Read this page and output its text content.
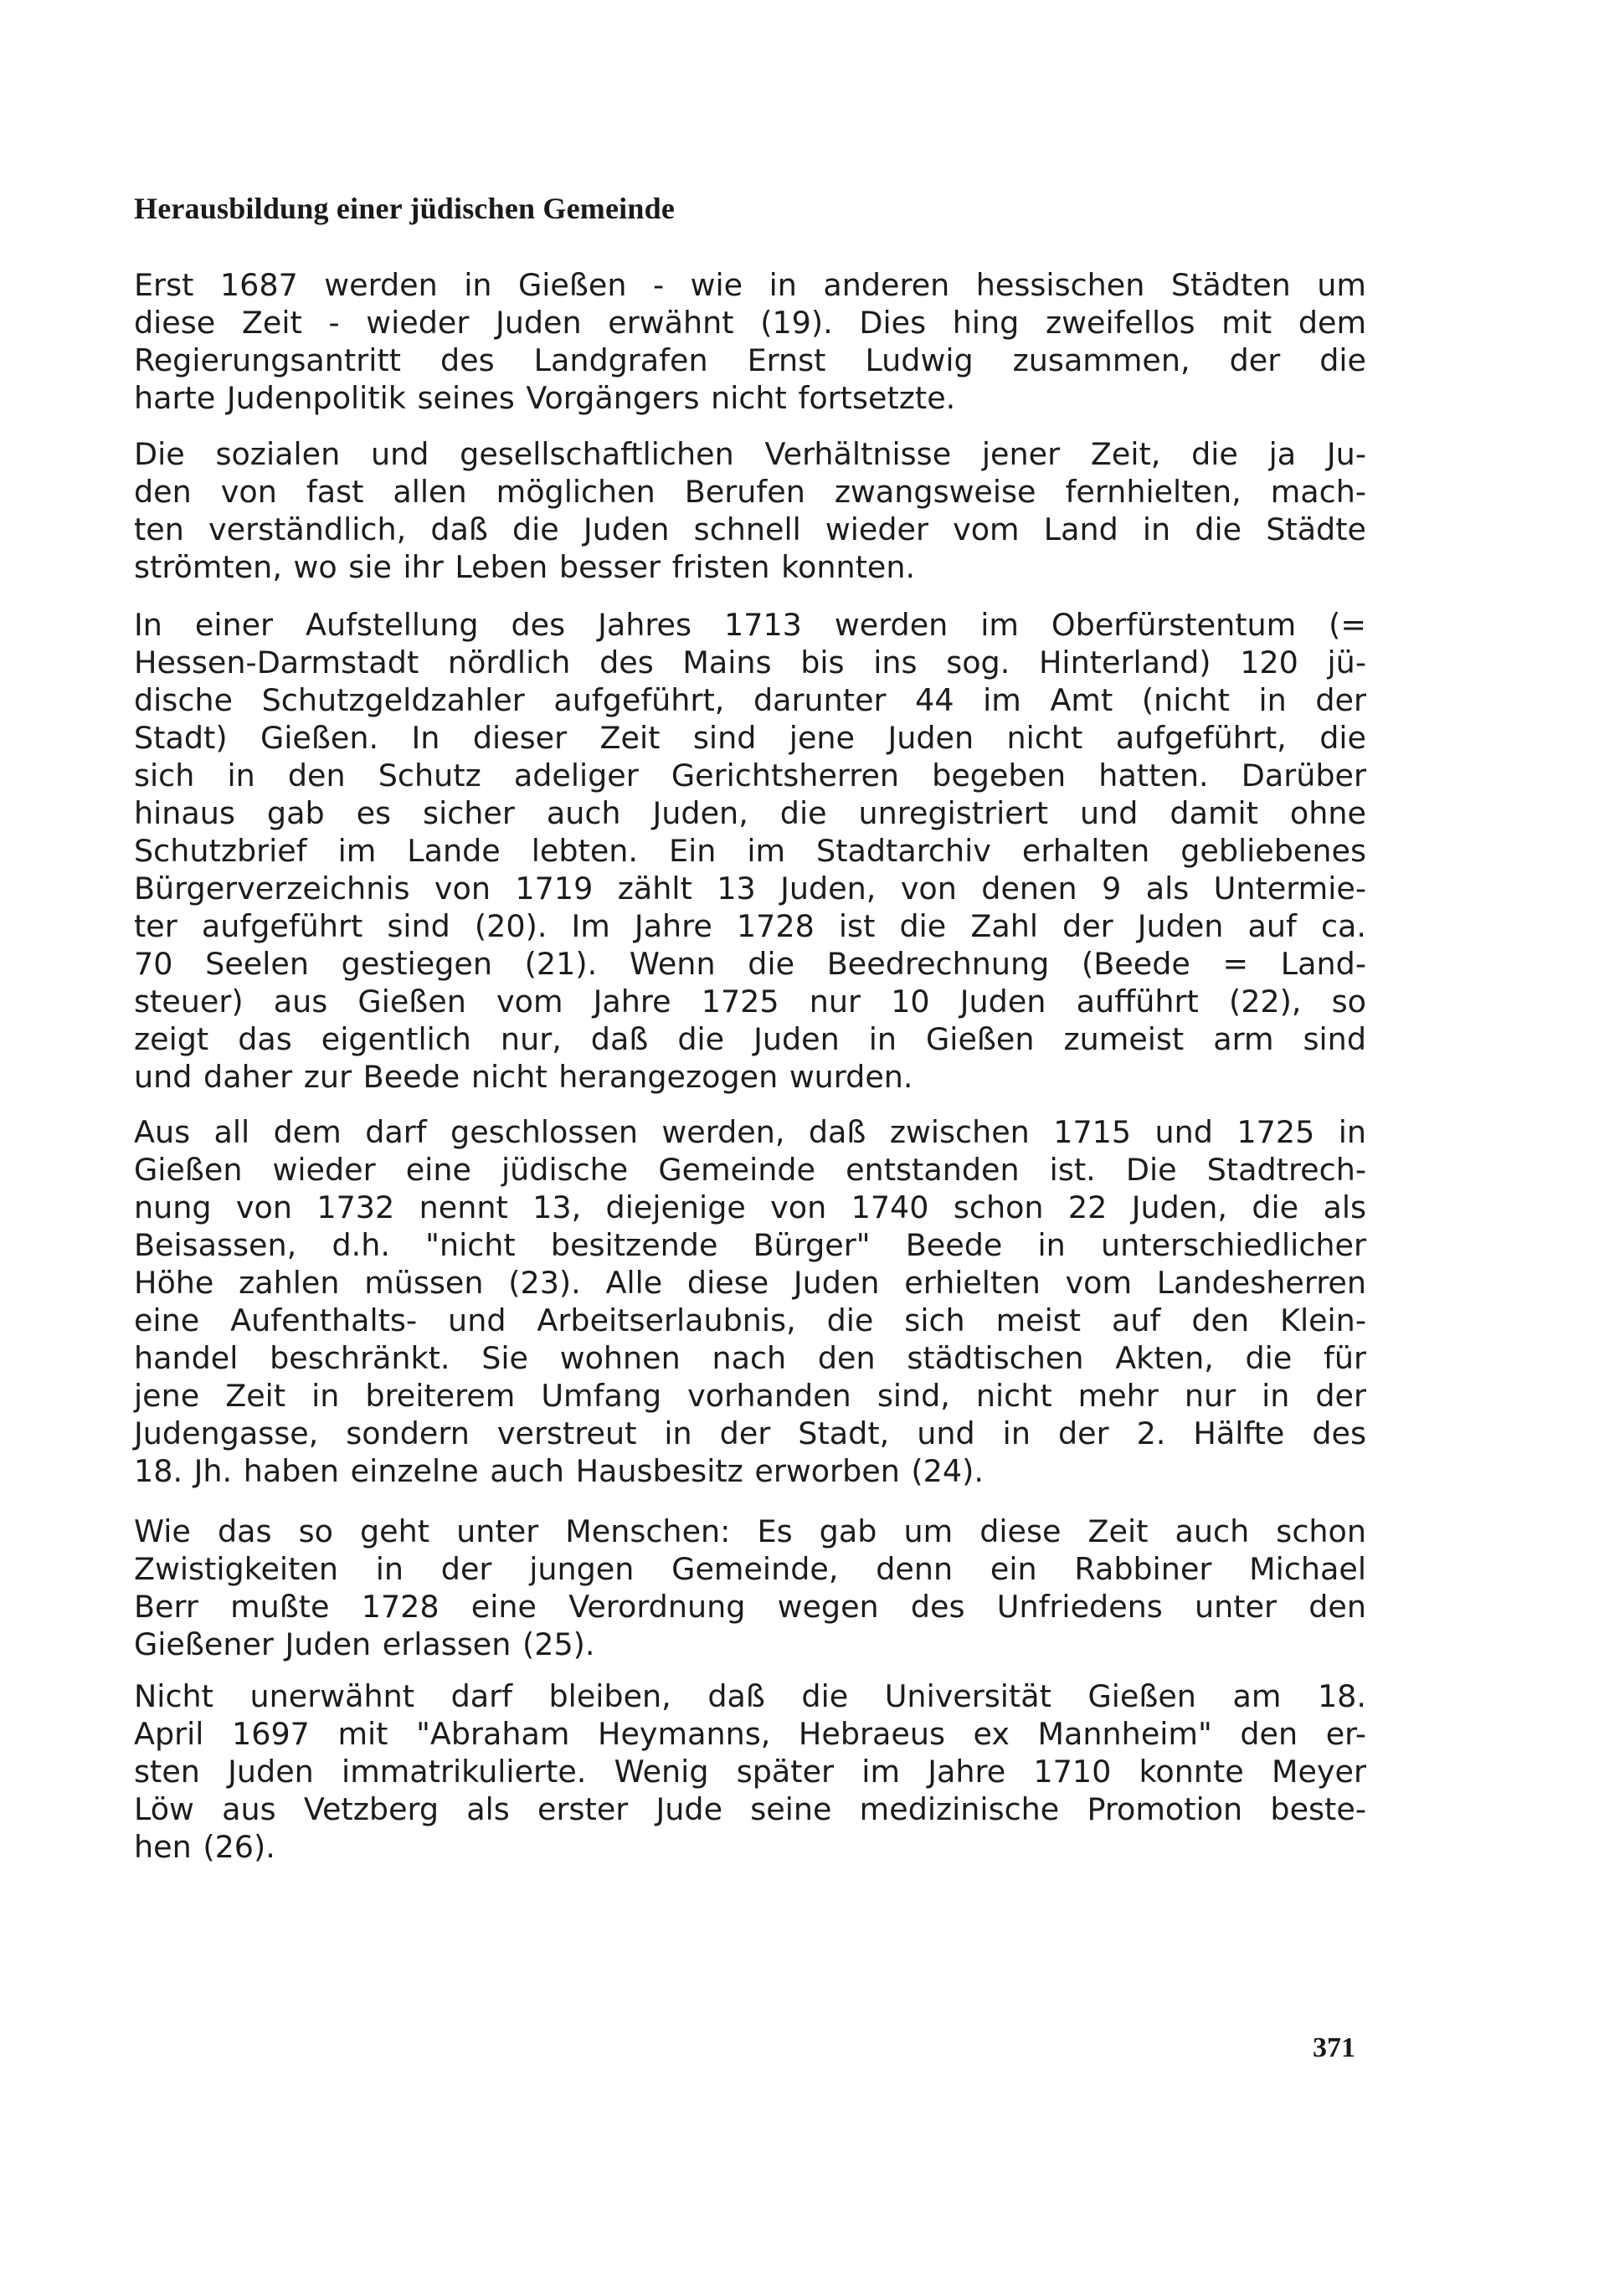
Herausbildung einer jüdischen Gemeinde
Erst 1687 werden in Gießen - wie in anderen hessischen Städten um
diese Zeit - wieder Juden erwähnt (19). Dies hing zweifellos mit dem
Regierungsantritt des Landgrafen Ernst Ludwig zusammen, der die
harte Judenpolitik seines Vorgängers nicht fortsetzte.
Die sozialen und gesellschaftlichen Verhältnisse jener Zeit, die ja Ju-
den von fast allen möglichen Berufen zwangsweise fernhielten, mach-
ten verständlich, daß die Juden schnell wieder vom Land in die Städte
strömten, wo sie ihr Leben besser fristen konnten.
In einer Aufstellung des Jahres 1713 werden im Oberfürstentum (=
Hessen-Darmstadt nördlich des Mains bis ins sog. Hinterland) 120 jü-
dische Schutzgeldzahler aufgeführt, darunter 44 im Amt (nicht in der
Stadt) Gießen. In dieser Zeit sind jene Juden nicht aufgeführt, die
sich in den Schutz adeliger Gerichtsherren begeben hatten. Darüber
hinaus gab es sicher auch Juden, die unregistriert und damit ohne
Schutzbrief im Lande lebten. Ein im Stadtarchiv erhalten gebliebenes
Bürgerverzeichnis von 1719 zählt 13 Juden, von denen 9 als Untermie-
ter aufgeführt sind (20). Im Jahre 1728 ist die Zahl der Juden auf ca.
70 Seelen gestiegen (21). Wenn die Beedrechnung (Beede = Land-
steuer) aus Gießen vom Jahre 1725 nur 10 Juden aufführt (22), so
zeigt das eigentlich nur, daß die Juden in Gießen zumeist arm sind
und daher zur Beede nicht herangezogen wurden.
Aus all dem darf geschlossen werden, daß zwischen 1715 und 1725 in
Gießen wieder eine jüdische Gemeinde entstanden ist. Die Stadtrech-
nung von 1732 nennt 13, diejenige von 1740 schon 22 Juden, die als
Beisassen, d.h. "nicht besitzende Bürger" Beede in unterschiedlicher
Höhe zahlen müssen (23). Alle diese Juden erhielten vom Landesherren
eine Aufenthalts- und Arbeitserlaubnis, die sich meist auf den Klein-
handel beschränkt. Sie wohnen nach den städtischen Akten, die für
jene Zeit in breiterem Umfang vorhanden sind, nicht mehr nur in der
Judengasse, sondern verstreut in der Stadt, und in der 2. Hälfte des
18. Jh. haben einzelne auch Hausbesitz erworben (24).
Wie das so geht unter Menschen: Es gab um diese Zeit auch schon
Zwistigkeiten in der jungen Gemeinde, denn ein Rabbiner Michael
Berr mußte 1728 eine Verordnung wegen des Unfriedens unter den
Gießener Juden erlassen (25).
Nicht unerwähnt darf bleiben, daß die Universität Gießen am 18.
April 1697 mit "Abraham Heymanns, Hebraeus ex Mannheim" den er-
sten Juden immatrikulierte. Wenig später im Jahre 1710 konnte Meyer
Löw aus Vetzberg als erster Jude seine medizinische Promotion beste-
hen (26).
371
